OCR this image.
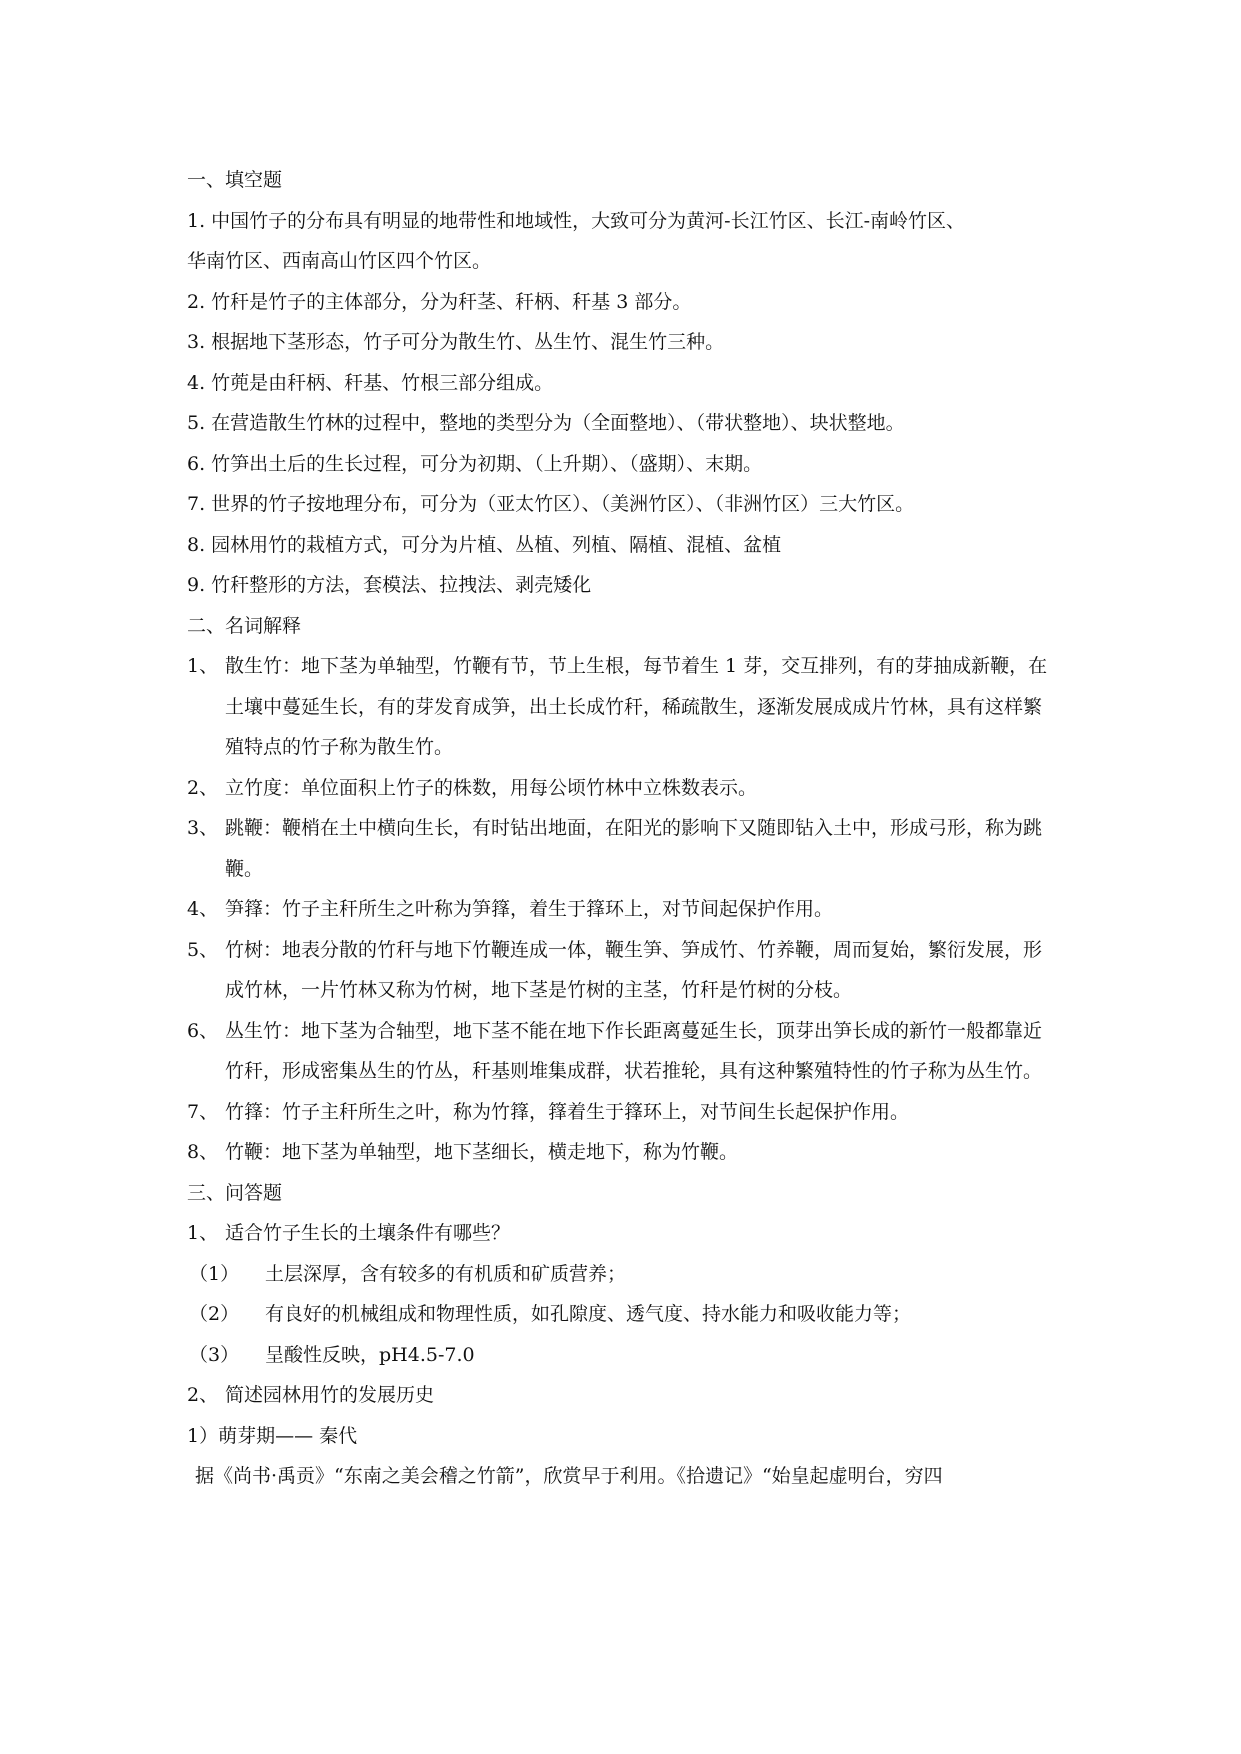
一、填空题
1. 中国竹子的分布具有明显的地带性和地域性，大致可分为黄河-长江竹区、长江-南岭竹区、
华南竹区、西南高山竹区四个竹区。
2. 竹秆是竹子的主体部分，分为秆茎、秆柄、秆基 3 部分。
3. 根据地下茎形态，竹子可分为散生竹、丛生竹、混生竹三种。
4. 竹蔸是由秆柄、秆基、竹根三部分组成。
5. 在营造散生竹林的过程中，整地的类型分为（全面整地）、（带状整地）、块状整地。
6. 竹笋出土后的生长过程，可分为初期、（上升期）、（盛期）、末期。
7. 世界的竹子按地理分布，可分为（亚太竹区）、（美洲竹区）、（非洲竹区）三大竹区。
8. 园林用竹的栽植方式，可分为片植、丛植、列植、隔植、混植、盆植
9. 竹秆整形的方法，套模法、拉拽法、剥壳矮化
二、名词解释
1、 散生竹：地下茎为单轴型，竹鞭有节，节上生根，每节着生 1 芽，交互排列，有的芽抽成新鞭，在土壤中蔓延生长，有的芽发育成笋，出土长成竹秆，稀疏散生，逐渐发展成成片竹林，具有这样繁殖特点的竹子称为散生竹。
2、 立竹度：单位面积上竹子的株数，用每公顷竹林中立株数表示。
3、 跳鞭：鞭梢在土中横向生长，有时钻出地面，在阳光的影响下又随即钻入土中，形成弓形，称为跳鞭。
4、 笋箨：竹子主秆所生之叶称为笋箨，着生于箨环上，对节间起保护作用。
5、 竹树：地表分散的竹秆与地下竹鞭连成一体，鞭生笋、笋成竹、竹养鞭，周而复始，繁衍发展，形成竹林，一片竹林又称为竹树，地下茎是竹树的主茎，竹秆是竹树的分枝。
6、 丛生竹：地下茎为合轴型，地下茎不能在地下作长距离蔓延生长，顶芽出笋长成的新竹一般都靠近竹秆，形成密集丛生的竹丛，秆基则堆集成群，状若推轮，具有这种繁殖特性的竹子称为丛生竹。
7、 竹箨：竹子主秆所生之叶，称为竹箨，箨着生于箨环上，对节间生长起保护作用。
8、 竹鞭：地下茎为单轴型，地下茎细长，横走地下，称为竹鞭。
三、问答题
1、 适合竹子生长的土壤条件有哪些？
（1）	土层深厚，含有较多的有机质和矿质营养；
（2）	有良好的机械组成和物理性质，如孔隙度、透气度、持水能力和吸收能力等；
（3）	呈酸性反映，pH4.5-7.0
2、 简述园林用竹的发展历史
1）萌芽期—— 秦代
据《尚书·禹贡》“东南之美会稽之竹箭”，欣赏早于利用。《拾遗记》“始皇起虚明台，穷四
